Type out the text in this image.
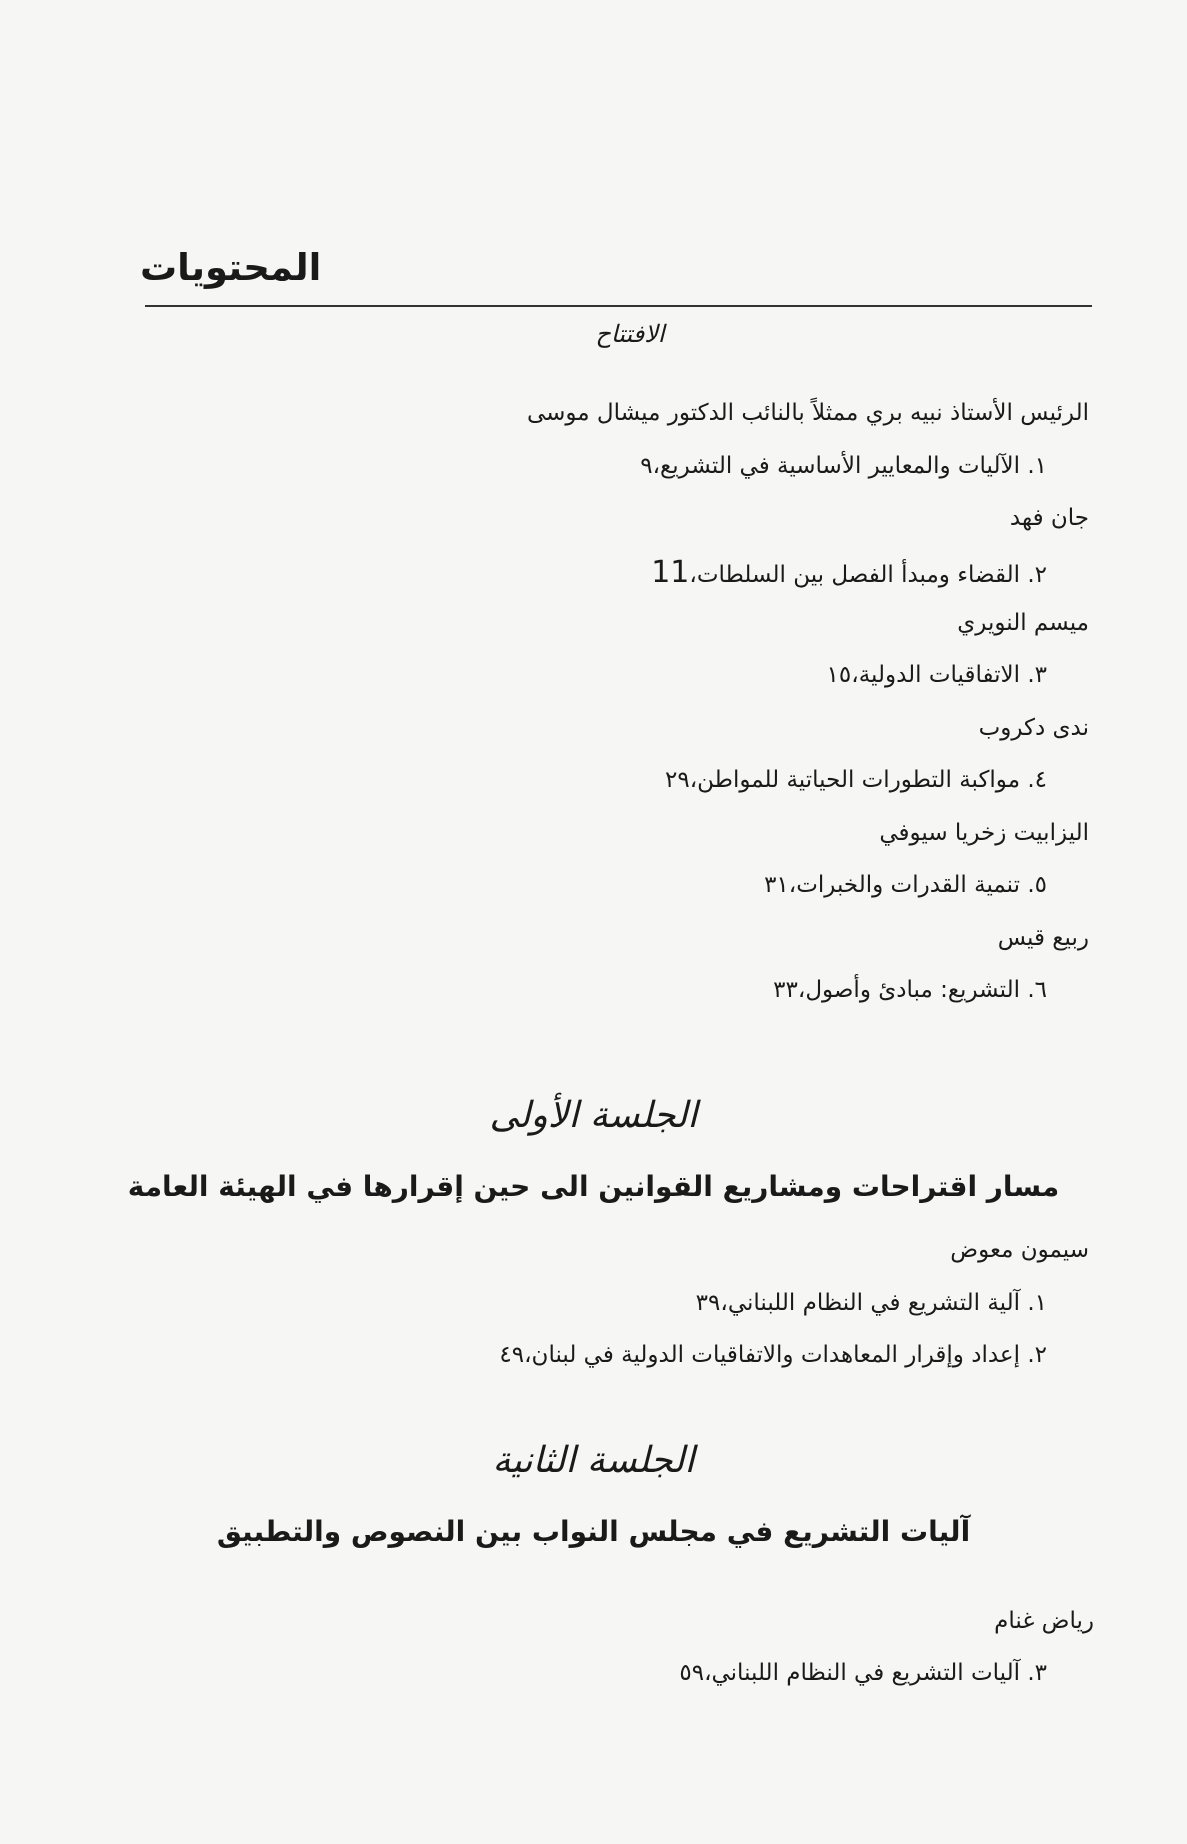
المحتويات
الافتتاح
الرئيس الأستاذ نبيه بري ممثلاً بالنائب الدكتور ميشال موسى
١. الآليات والمعايير الأساسية في التشريع،٩
جان فهد
٢. القضاء ومبدأ الفصل بين السلطات،11
ميسم النويري
٣. الاتفاقيات الدولية،١٥
ندى دكروب
٤. مواكبة التطورات الحياتية للمواطن،٢٩
اليزابيت زخريا سيوفي
٥. تنمية القدرات والخبرات،٣١
ربيع قيس
٦. التشريع: مبادئ وأصول،٣٣
الجلسة الأولى
مسار اقتراحات ومشاريع القوانين الى حين إقرارها في الهيئة العامة
سيمون معوض
١. آلية التشريع في النظام اللبناني،٣٩
٢. إعداد وإقرار المعاهدات والاتفاقيات الدولية في لبنان،٤٩
الجلسة الثانية
آليات التشريع في مجلس النواب بين النصوص والتطبيق
رياض غنام
٣. آليات التشريع في النظام اللبناني،٥٩
